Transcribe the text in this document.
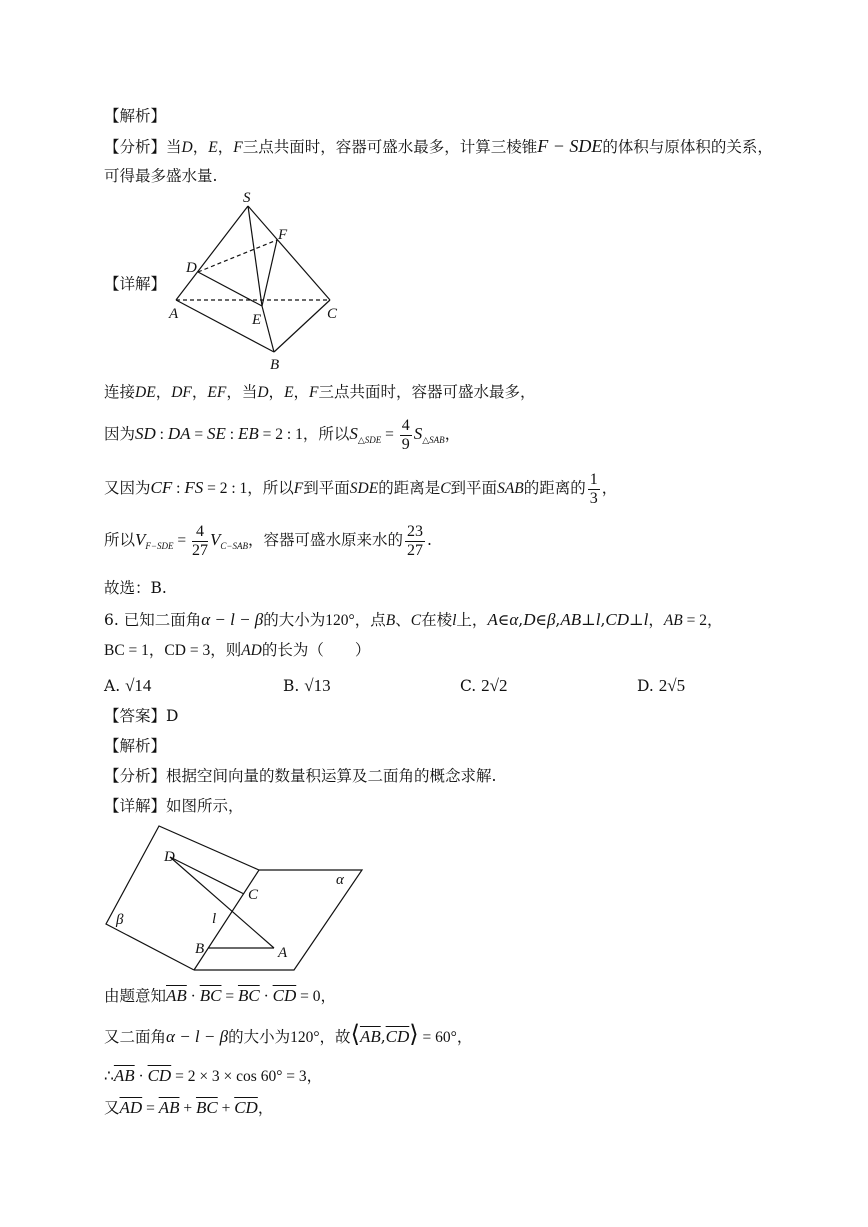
【解析】
【分析】当D，E，F三点共面时，容器可盛水最多，计算三棱锥F − SDE的体积与原体积的关系，
可得最多盛水量.
S
F
D
A	E	C
B
【详解】
连接DE，DF，EF，当D，E，F三点共面时，容器可盛水最多，
因为SD : DA = SE : EB = 2 : 1，所以$S_{\triangle SDE} = \frac{4}{9} S_{\triangle SAB}$，
又因为CF : FS = 2 : 1，所以F到平面SDE的距离是C到平面SAB的距离的 $\frac{1}{3}$ ，
所以$V_{F-SDE} = \frac{4}{27} V_{C-SAB}$，容器可盛水原来水的 $\frac{23}{27}$ .
故选：B.
6. 已知二面角α − l − β的大小为120°，点B、C在棱l上，A∈α,D∈β,AB⊥l,CD⊥l，AB = 2，
BC = 1，CD = 3，则AD的长为（　　）
A. √14	B. √13	C. 2√2	D. 2√5
【答案】D
【解析】
【分析】根据空间向量的数量积运算及二面角的概念求解.
【详解】如图所示，
D
C
α
β	l
B	A
由题意知$\overline{AB} \cdot \overline{BC} = \overline{BC} \cdot \overline{CD} = 0$，
又二面角α − l − β的大小为120°，故$⟨\overline{AB},\overline{CD}⟩ = 60^\circ$，
$\therefore\overline{AB} \cdot \overline{CD} = 2 \times 3 \times \cos 60^\circ = 3$，
又$\overline{AD} = \overline{AB} + \overline{BC} + \overline{CD}$，
